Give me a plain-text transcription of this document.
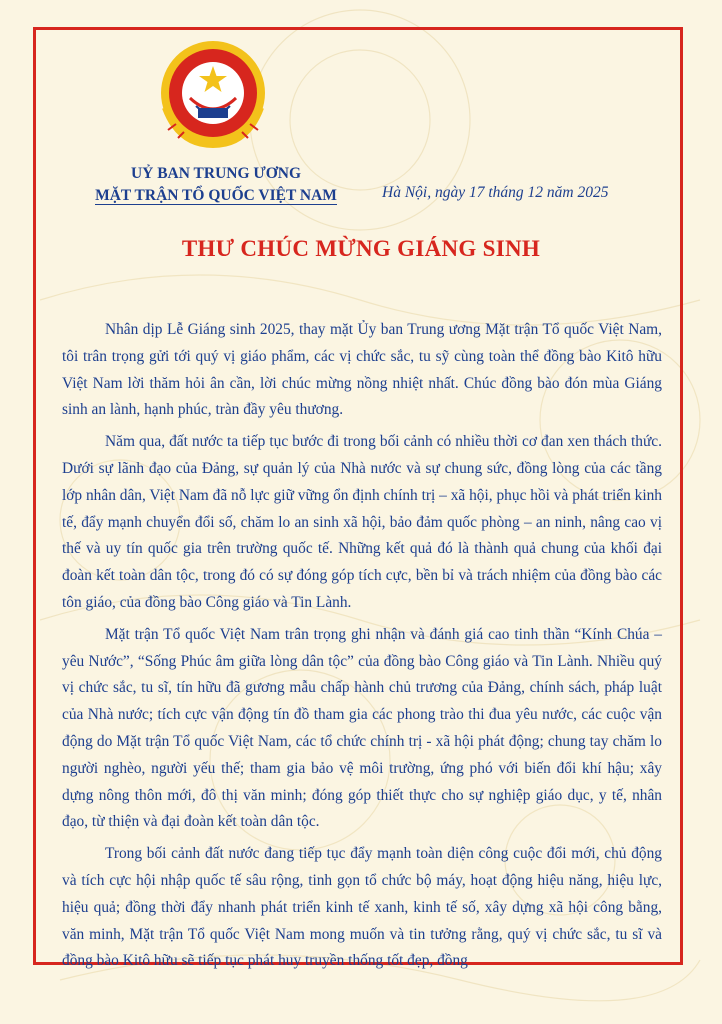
UỶ BAN TRUNG ƯƠNG
MẶT TRẬN TỔ QUỐC VIỆT NAM	Hà Nội, ngày 17 tháng 12 năm 2025
THƯ CHÚC MỪNG GIÁNG SINH

Nhân dịp Lễ Giáng sinh 2025, thay mặt Ủy ban Trung ương Mặt trận Tổ quốc Việt Nam, tôi trân trọng gửi tới quý vị giáo phẩm, các vị chức sắc, tu sỹ cùng toàn thể đồng bào Kitô hữu Việt Nam lời thăm hỏi ân cần, lời chúc mừng nồng nhiệt nhất. Chúc đồng bào đón mùa Giáng sinh an lành, hạnh phúc, tràn đầy yêu thương.

Năm qua, đất nước ta tiếp tục bước đi trong bối cảnh có nhiều thời cơ đan xen thách thức. Dưới sự lãnh đạo của Đảng, sự quản lý của Nhà nước và sự chung sức, đồng lòng của các tầng lớp nhân dân, Việt Nam đã nỗ lực giữ vững ổn định chính trị – xã hội, phục hồi và phát triển kinh tế, đẩy mạnh chuyển đổi số, chăm lo an sinh xã hội, bảo đảm quốc phòng – an ninh, nâng cao vị thế và uy tín quốc gia trên trường quốc tế. Những kết quả đó là thành quả chung của khối đại đoàn kết toàn dân tộc, trong đó có sự đóng góp tích cực, bền bỉ và trách nhiệm của đồng bào các tôn giáo, của đồng bào Công giáo và Tin Lành.

Mặt trận Tổ quốc Việt Nam trân trọng ghi nhận và đánh giá cao tinh thần “Kính Chúa – yêu Nước”, “Sống Phúc âm giữa lòng dân tộc” của đồng bào Công giáo và Tin Lành. Nhiều quý vị chức sắc, tu sĩ, tín hữu đã gương mẫu chấp hành chủ trương của Đảng, chính sách, pháp luật của Nhà nước; tích cực vận động tín đồ tham gia các phong trào thi đua yêu nước, các cuộc vận động do Mặt trận Tổ quốc Việt Nam, các tổ chức chính trị - xã hội phát động; chung tay chăm lo người nghèo, người yếu thế; tham gia bảo vệ môi trường, ứng phó với biến đổi khí hậu; xây dựng nông thôn mới, đô thị văn minh; đóng góp thiết thực cho sự nghiệp giáo dục, y tế, nhân đạo, từ thiện và đại đoàn kết toàn dân tộc.

Trong bối cảnh đất nước đang tiếp tục đẩy mạnh toàn diện công cuộc đổi mới, chủ động và tích cực hội nhập quốc tế sâu rộng, tinh gọn tổ chức bộ máy, hoạt động hiệu năng, hiệu lực, hiệu quả; đồng thời đẩy nhanh phát triển kinh tế xanh, kinh tế số, xây dựng xã hội công bằng, văn minh, Mặt trận Tổ quốc Việt Nam mong muốn và tin tưởng rằng, quý vị chức sắc, tu sĩ và đồng bào Kitô hữu sẽ tiếp tục phát huy truyền thống tốt đẹp, đồng
